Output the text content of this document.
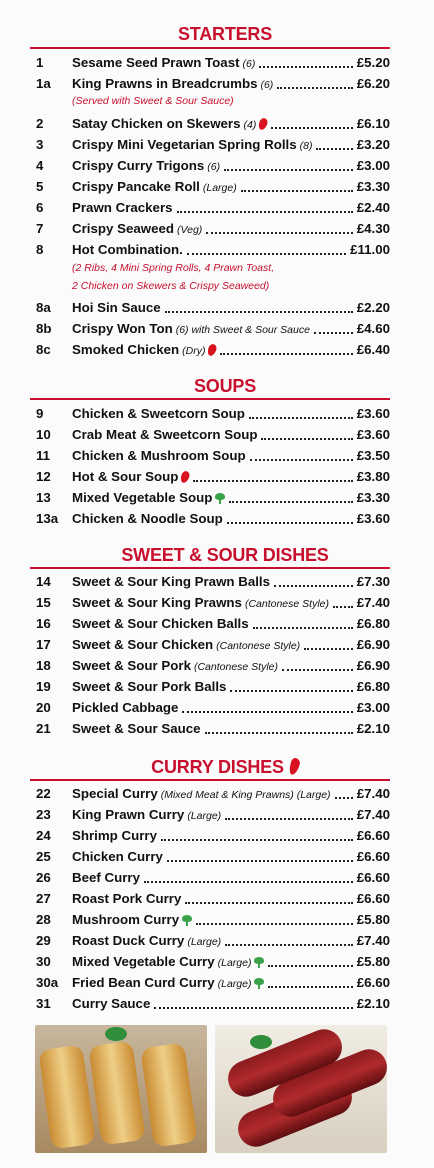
STARTERS
1	Sesame Seed Prawn Toast (6)	£5.20
1a	King Prawns in Breadcrumbs (6)	£6.20
(Served with Sweet & Sour Sauce)
2	Satay Chicken on Skewers (4)	£6.10
3	Crispy Mini Vegetarian Spring Rolls (8)	£3.20
4	Crispy Curry Trigons (6)	£3.00
5	Crispy Pancake Roll (Large)	£3.30
6	Prawn Crackers	£2.40
7	Crispy Seaweed (Veg)	£4.30
8	Hot Combination.	£11.00
(2 Ribs, 4 Mini Spring Rolls, 4 Prawn Toast,
2 Chicken on Skewers & Crispy Seaweed)
8a	Hoi Sin Sauce	£2.20
8b	Crispy Won Ton (6) with Sweet & Sour Sauce	£4.60
8c	Smoked Chicken (Dry)	£6.40
SOUPS
9	Chicken & Sweetcorn Soup	£3.60
10	Crab Meat & Sweetcorn Soup	£3.60
11	Chicken & Mushroom Soup	£3.50
12	Hot & Sour Soup	£3.80
13	Mixed Vegetable Soup	£3.30
13a	Chicken & Noodle Soup	£3.60
SWEET & SOUR DISHES
14	Sweet & Sour King Prawn Balls	£7.30
15	Sweet & Sour King Prawns (Cantonese Style) £7.40
16	Sweet & Sour Chicken Balls	£6.80
17	Sweet & Sour Chicken (Cantonese Style)	£6.90
18	Sweet & Sour Pork (Cantonese Style)	£6.90
19	Sweet & Sour Pork Balls	£6.80
20	Pickled Cabbage	£3.00
21	Sweet & Sour Sauce	£2.10
CURRY DISHES
22	Special Curry (Mixed Meat & King Prawns) (Large) £7.40
23	King Prawn Curry (Large)	£7.40
24	Shrimp Curry	£6.60
25	Chicken Curry	£6.60
26	Beef Curry	£6.60
27	Roast Pork Curry	£6.60
28	Mushroom Curry	£5.80
29	Roast Duck Curry (Large)	£7.40
30	Mixed Vegetable Curry (Large)	£5.80
30a	Fried Bean Curd Curry (Large)	£6.60
31	Curry Sauce	£2.10
